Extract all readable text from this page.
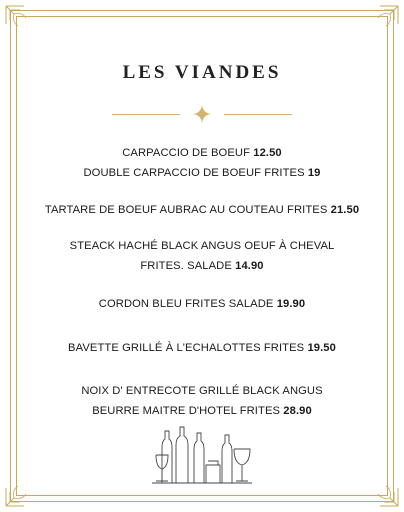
LES VIANDES
CARPACCIO DE BOEUF 12.50
DOUBLE CARPACCIO DE BOEUF FRITES 19
TARTARE DE BOEUF AUBRAC AU COUTEAU FRITES 21.50
STEACK HACHÉ BLACK ANGUS OEUF À CHEVAL
FRITES. SALADE 14.90
CORDON BLEU FRITES SALADE 19.90
BAVETTE GRILLÉ À L'ECHALOTTES FRITES 19.50
NOIX D' ENTRECOTE GRILLÉ BLACK ANGUS
BEURRE MAITRE D'HOTEL FRITES 28.90
